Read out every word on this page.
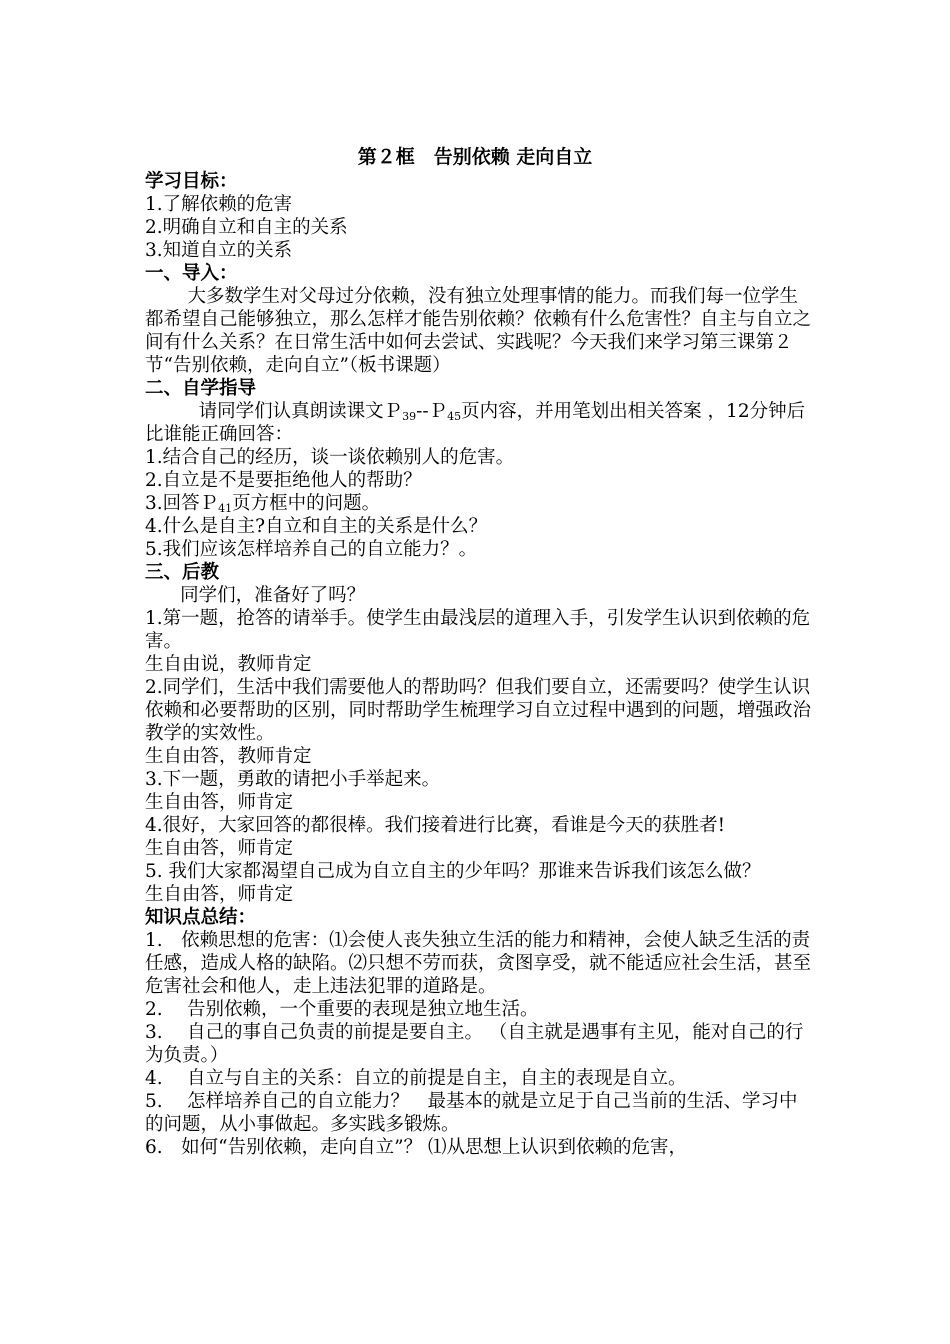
第２框　告别依赖 走向自立
学习目标：
1.了解依赖的危害
2.明确自立和自主的关系
3.知道自立的关系
一、导入：
大多数学生对父母过分依赖，没有独立处理事情的能力。而我们每一位学生都希望自己能够独立，那么怎样才能告别依赖？依赖有什么危害性？自主与自立之间有什么关系？在日常生活中如何去尝试、实践呢？今天我们来学习第三课第２节“告别依赖，走向自立”（板书课题）
二、自学指导
请同学们认真朗读课文Ｐ$_{39}$--Ｐ$_{45}$页内容，并用笔划出相关答案 ，12分钟后比谁能正确回答：
1.结合自己的经历，谈一谈依赖别人的危害。
2.自立是不是要拒绝他人的帮助？
3.回答Ｐ$_{41}$页方框中的问题。
4.什么是自主?自立和自主的关系是什么？
5.我们应该怎样培养自己的自立能力？。
三、后教
同学们，准备好了吗？
1.第一题，抢答的请举手。使学生由最浅层的道理入手，引发学生认识到依赖的危害。
生自由说，教师肯定
2.同学们，生活中我们需要他人的帮助吗？但我们要自立，还需要吗？使学生认识依赖和必要帮助的区别，同时帮助学生梳理学习自立过程中遇到的问题，增强政治教学的实效性。
生自由答，教师肯定
3.下一题，勇敢的请把小手举起来。
生自由答，师肯定
4.很好，大家回答的都很棒。我们接着进行比赛，看谁是今天的获胜者!
生自由答，师肯定
5. 我们大家都渴望自己成为自立自主的少年吗？那谁来告诉我们该怎么做？
生自由答，师肯定
知识点总结：
1.　依赖思想的危害：⑴会使人丧失独立生活的能力和精神，会使人缺乏生活的责任感，造成人格的缺陷。⑵只想不劳而获，贪图享受，就不能适应社会生活，甚至危害社会和他人，走上违法犯罪的道路是。
2.　 告别依赖，一个重要的表现是独立地生活。
3.　 自己的事自己负责的前提是要自主。 （自主就是遇事有主见，能对自己的行为负责。）
4.　 自立与自主的关系：自立的前提是自主，自主的表现是自立。
5.　 怎样培养自己的自立能力？　最基本的就是立足于自己当前的生活、学习中的问题，从小事做起。多实践多锻炼。
6.　如何“告别依赖，走向自立”？ ⑴从思想上认识到依赖的危害，
